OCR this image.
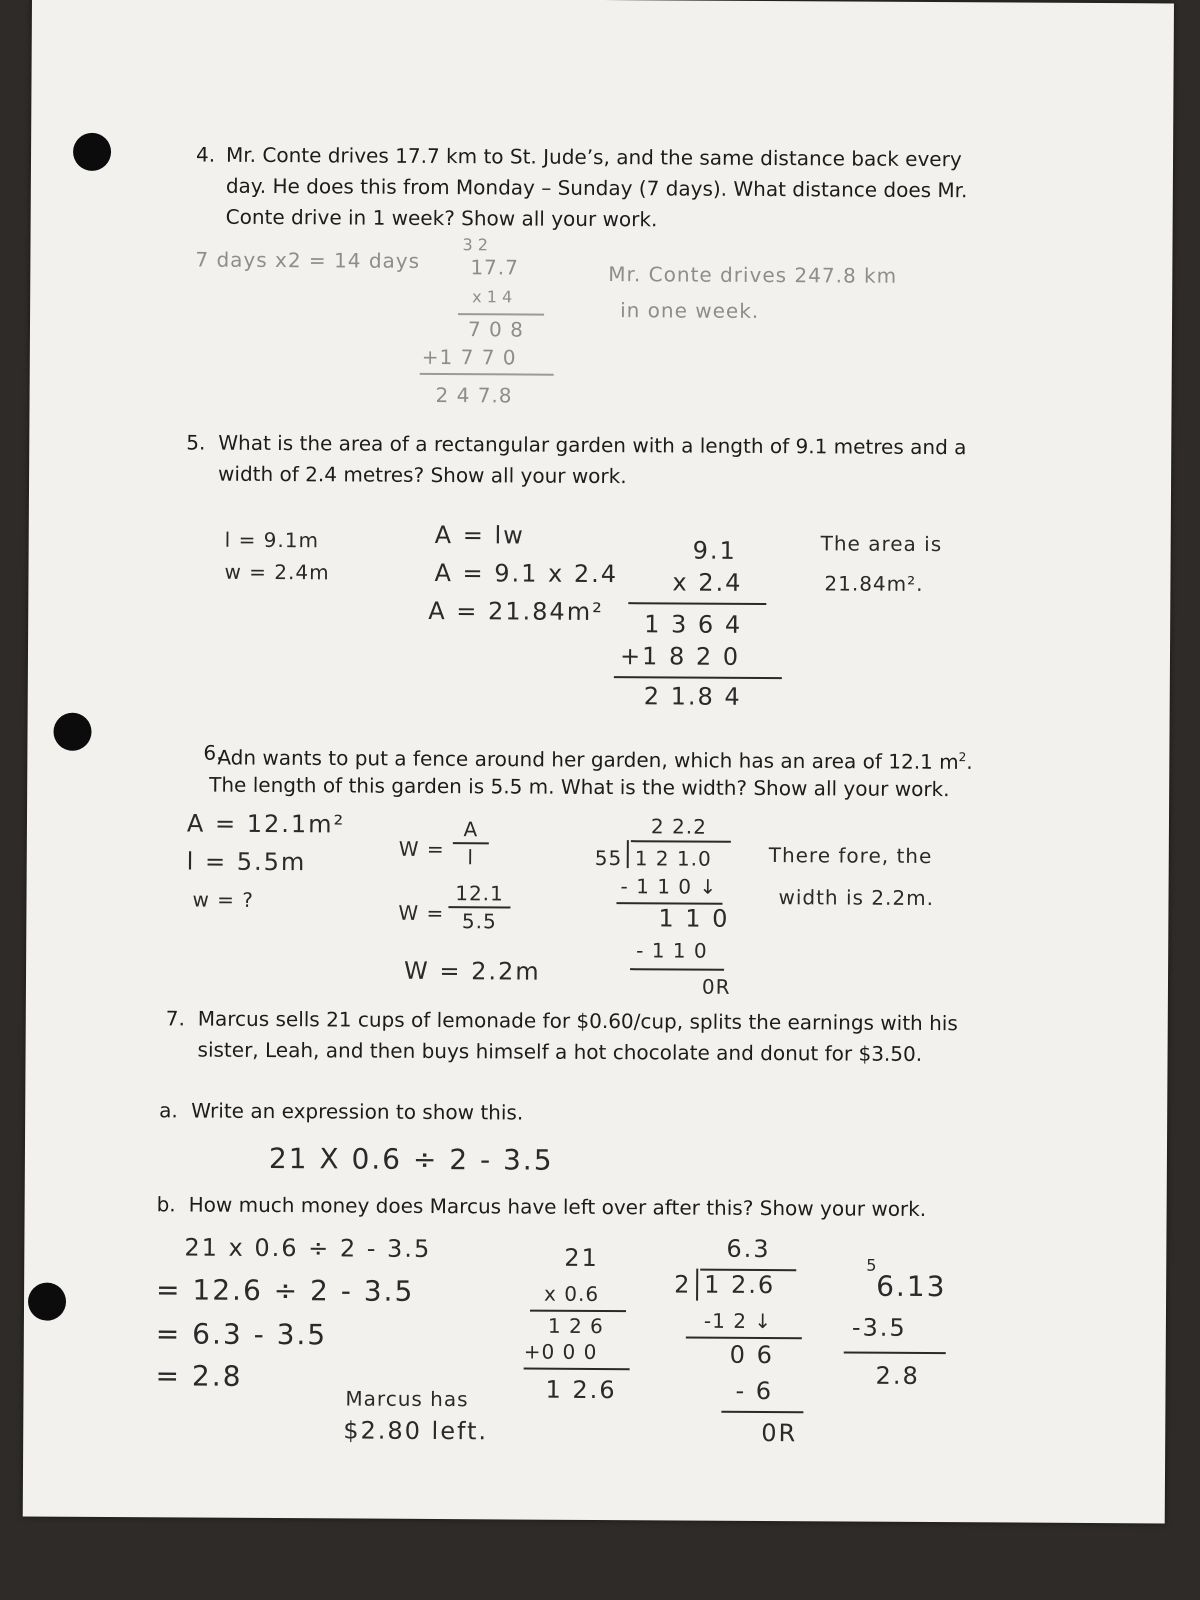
4. Mr. Conte drives 17.7 km to St. Jude’s, and the same distance back every
day. He does this from Monday – Sunday (7 days). What distance does Mr.
Conte drive in 1 week? Show all your work.
7 days x2 = 14 days
3 2
17.7
x 1 4
7 0 8
+1 7 7 0
2 4 7.8
Mr. Conte drives 247.8 km
in one week.
5. What is the area of a rectangular garden with a length of 9.1 metres and a
width of 2.4 metres? Show all your work.
l = 9.1m
w = 2.4m
A = lw
A = 9.1 x 2.4
A = 21.84m²
9.1
x 2.4
1 3 6 4
+1 8 2 0
2 1.8 4
The area is
21.84m².
6.
Adn wants to put a fence around her garden, which has an area of 12.1 $m^2$.
The length of this garden is 5.5 m. What is the width? Show all your work.
A = 12.1m²
l = 5.5m
w = ?
W =
A
l
W =
12.1
5.5
W = 2.2m
2 2.2
55 1 2 1.0
- 1 1 0 ↓
1 1 0
- 1 1 0
0R
There fore, the
width is 2.2m.
7. Marcus sells 21 cups of lemonade for $0.60/cup, splits the earnings with his
sister, Leah, and then buys himself a hot chocolate and donut for $3.50.
a. Write an expression to show this.
21 X 0.6 ÷ 2 - 3.5
b. How much money does Marcus have left over after this? Show your work.
21 x 0.6 ÷ 2 - 3.5
= 12.6 ÷ 2 - 3.5
= 6.3 - 3.5
= 2.8
Marcus has
$2.80 left.
21
x 0.6
1 2 6
+0 0 0
1 2.6
6.3
2 1 2.6
-1 2 ↓
0 6
- 6
0R
5
6.13
-3.5
2.8
